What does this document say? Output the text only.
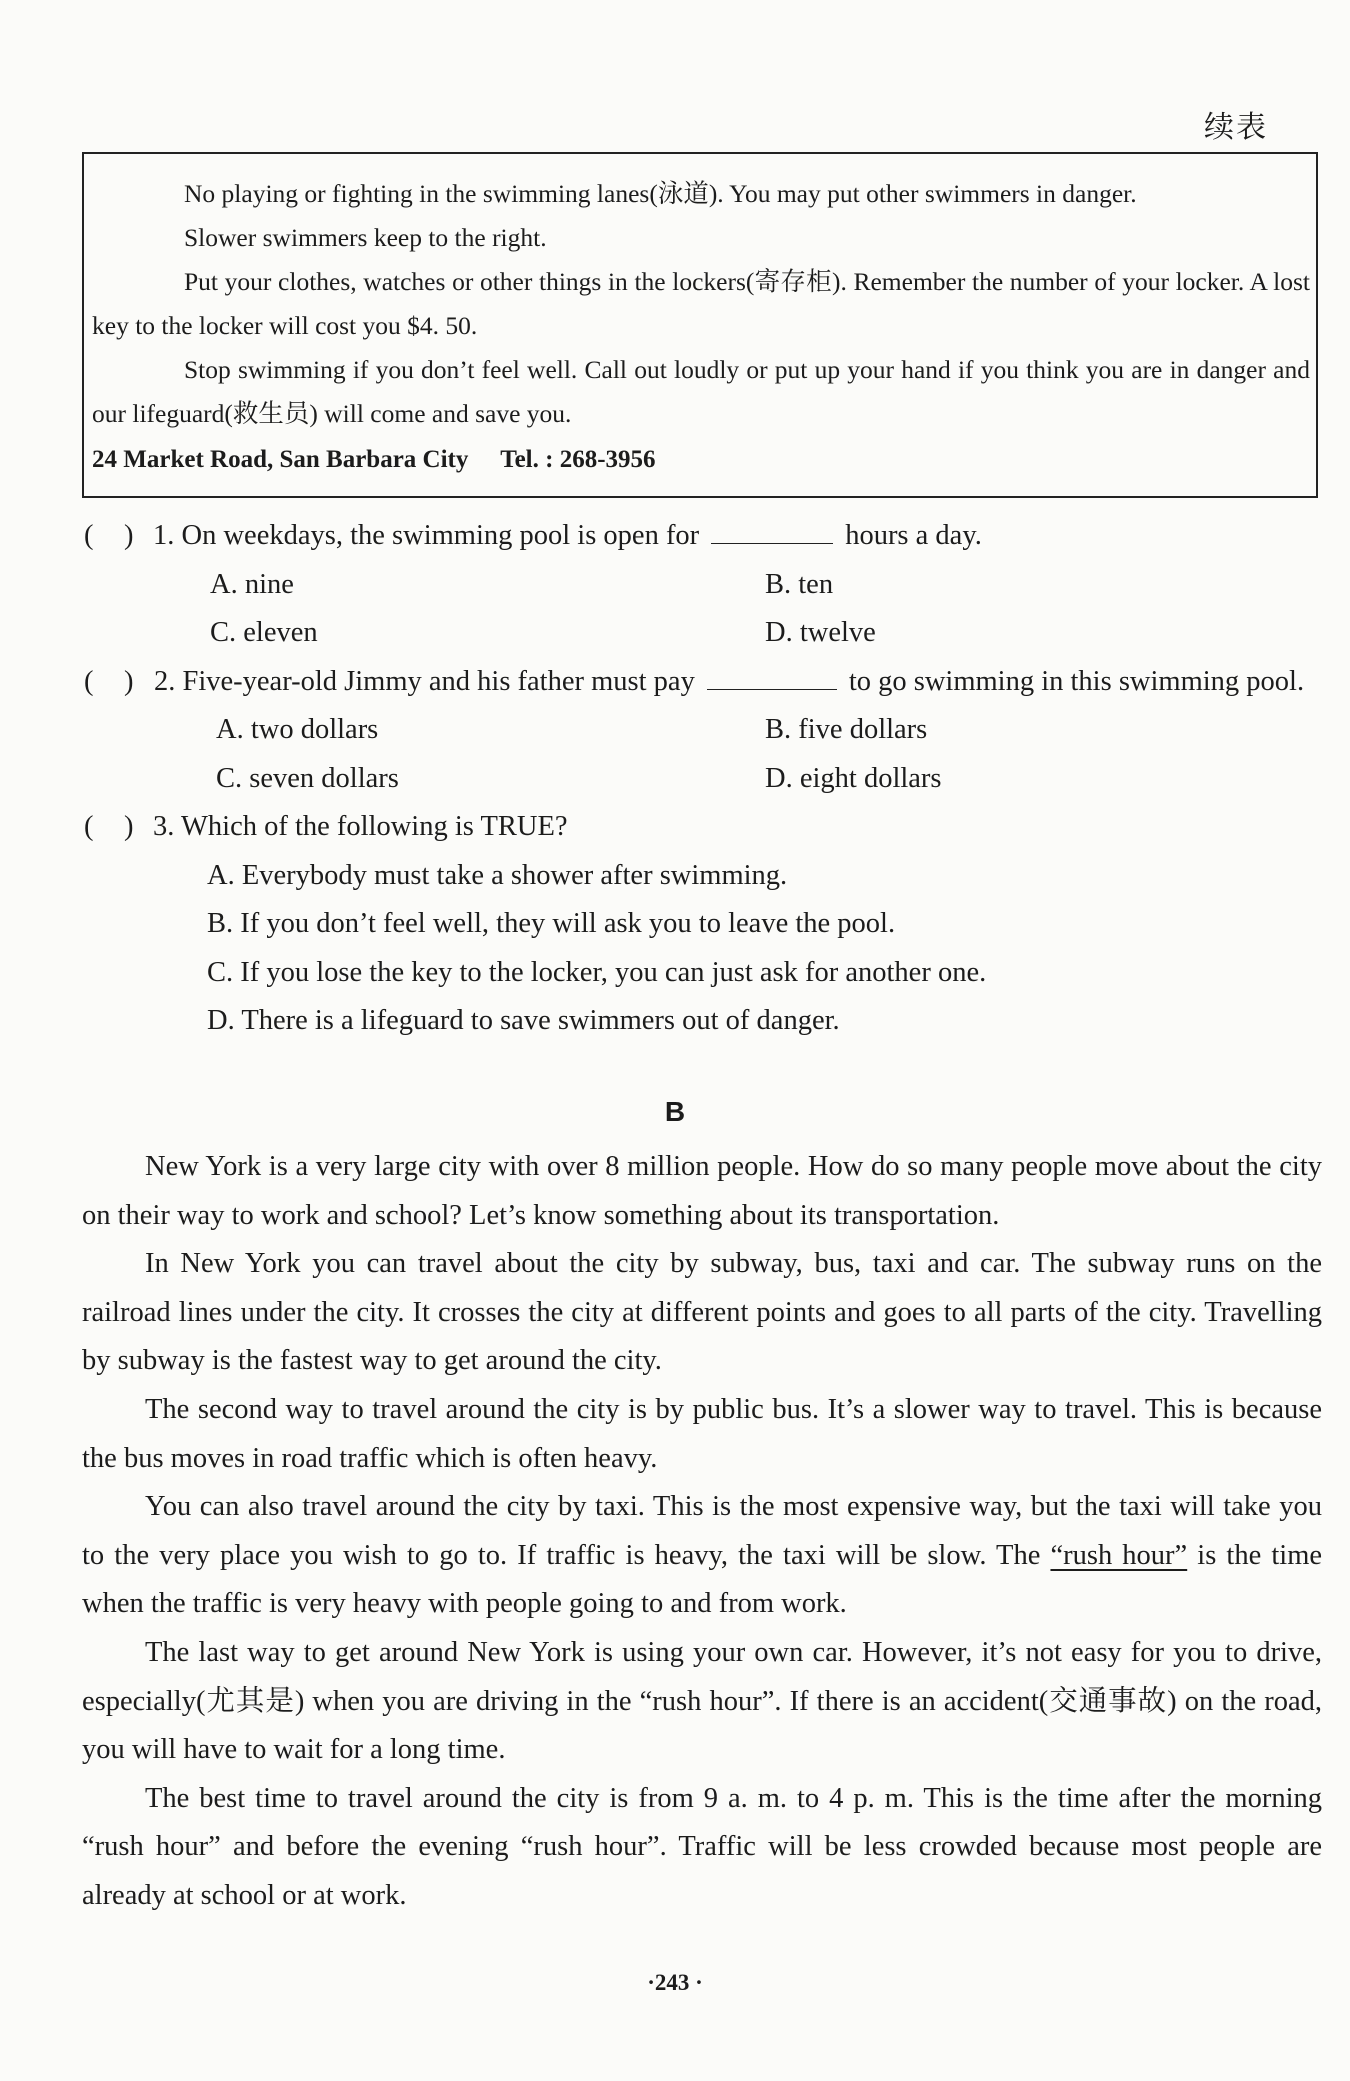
续表

No playing or fighting in the swimming lanes(泳道). You may put other swimmers in danger.

Slower swimmers keep to the right.

Put your clothes, watches or other things in the lockers(寄存柜). Remember the number of your locker. A lost key to the locker will cost you $4. 50.

Stop swimming if you don’t feel well. Call out loudly or put up your hand if you think you are in danger and our lifeguard(救生员) will come and save you.

24 Market Road, San Barbara City Tel. : 268-3956

( ) 1. On weekdays, the swimming pool is open for	hours a day.
A. nine	B. ten
C. eleven	D. twelve
( ) 2. Five-year-old Jimmy and his father must pay	to go swimming in this swimming pool.
A. two dollars	B. five dollars
C. seven dollars	D. eight dollars
( ) 3. Which of the following is TRUE?
A. Everybody must take a shower after swimming.
B. If you don’t feel well, they will ask you to leave the pool.
C. If you lose the key to the locker, you can just ask for another one.
D. There is a lifeguard to save swimmers out of danger.
B

New York is a very large city with over 8 million people. How do so many people move about the city on their way to work and school? Let’s know something about its transportation.

In New York you can travel about the city by subway, bus, taxi and car. The subway runs on the railroad lines under the city. It crosses the city at different points and goes to all parts of the city. Travelling by subway is the fastest way to get around the city.

The second way to travel around the city is by public bus. It’s a slower way to travel. This is because the bus moves in road traffic which is often heavy.

You can also travel around the city by taxi. This is the most expensive way, but the taxi will take you to the very place you wish to go to. If traffic is heavy, the taxi will be slow. The “rush hour” is the time when the traffic is very heavy with people going to and from work.

The last way to get around New York is using your own car. However, it’s not easy for you to drive, especially(尤其是) when you are driving in the “rush hour”. If there is an accident(交通事故) on the road, you will have to wait for a long time.

The best time to travel around the city is from 9 a. m. to 4 p. m. This is the time after the morning “rush hour” and before the evening “rush hour”. Traffic will be less crowded because most people are already at school or at work.

·243 ·
